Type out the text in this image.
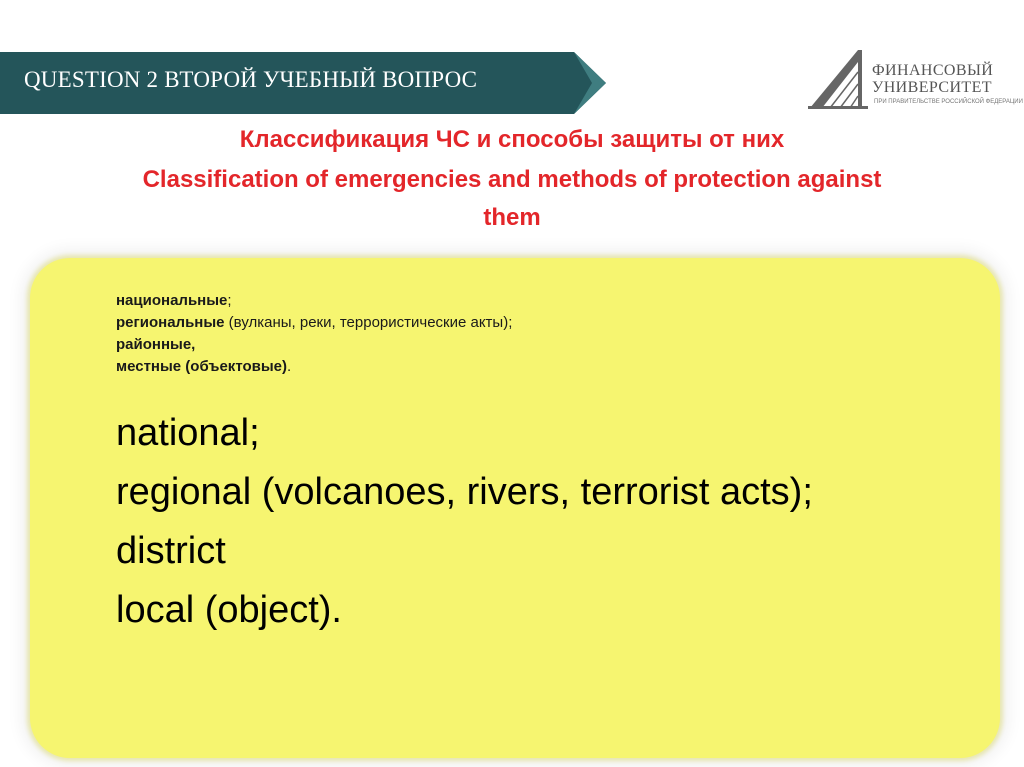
QUESTION 2 ВТОРОЙ УЧЕБНЫЙ ВОПРОС	ФИНАНСОВЫЙ
УНИВЕРСИТЕТ
ПРИ ПРАВИТЕЛЬСТВЕ РОССИЙСКОЙ ФЕДЕРАЦИИ
Классификация ЧС и способы защиты от них
Classification of emergencies and methods of protection against
them
национальные;
региональные (вулканы, реки, террористические акты);
районные,
местные (объектовые).
national;
regional (volcanoes, rivers, terrorist acts);
district
local (object).
